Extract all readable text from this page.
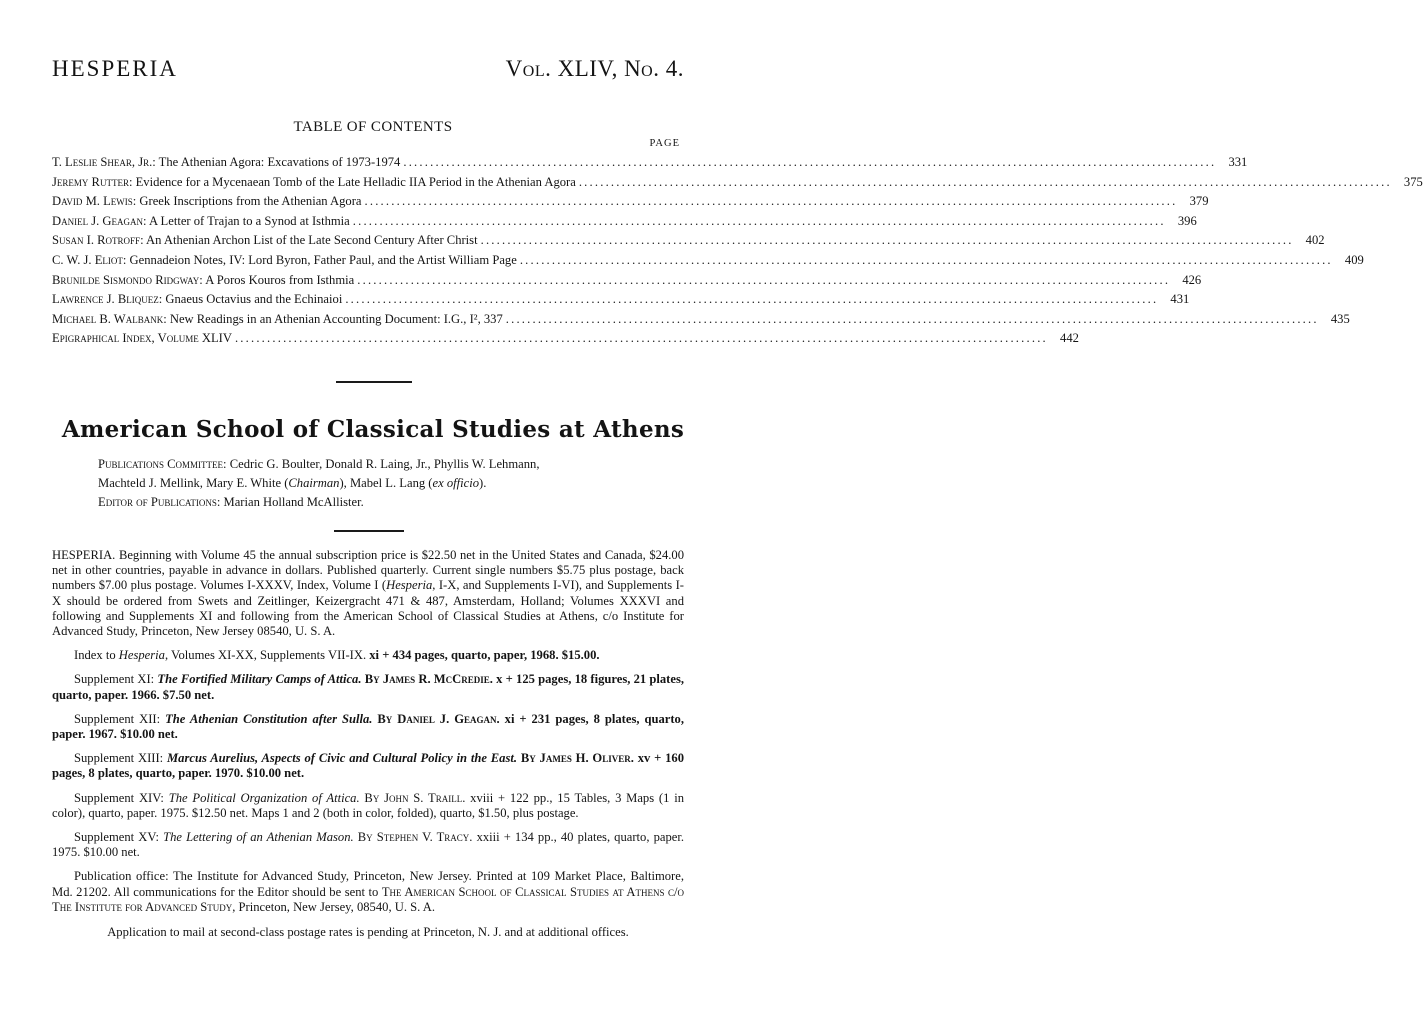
HESPERIA	Vol. XLIV, No. 4.
TABLE OF CONTENTS
PAGE
T. Leslie Shear, Jr.: The Athenian Agora: Excavations of 1973-1974 .....	331
Jeremy Rutter: Evidence for a Mycenaean Tomb of the Late Helladic IIA Period in the Athenian Agora .....	375
David M. Lewis: Greek Inscriptions from the Athenian Agora .....	379
Daniel J. Geagan: A Letter of Trajan to a Synod at Isthmia .....	396
Susan I. Rotroff: An Athenian Archon List of the Late Second Century After Christ .....	402
C. W. J. Eliot: Gennadeion Notes, IV: Lord Byron, Father Paul, and the Artist William Page .....	409
Brunilde Sismondo Ridgway: A Poros Kouros from Isthmia .....	426
Lawrence J. Bliquez: Gnaeus Octavius and the Echinaioi .....	431
Michael B. Walbank: New Readings in an Athenian Accounting Document: I.G., I², 337 .....	435
Epigraphical Index, Volume XLIV .....	442
American School of Classical Studies at Athens
Publications Committee: Cedric G. Boulter, Donald R. Laing, Jr., Phyllis W. Lehmann,
Machteld J. Mellink, Mary E. White (Chairman), Mabel L. Lang (ex officio).
Editor of Publications: Marian Holland McAllister.

HESPERIA. Beginning with Volume 45 the annual subscription price is $22.50 net in the United States and Canada, $24.00 net in other countries, payable in advance in dollars. Published quarterly. Current single numbers $5.75 plus postage, back numbers $7.00 plus postage. Volumes I-XXXV, Index, Volume I (Hesperia, I-X, and Supplements I-VI), and Supplements I-X should be ordered from Swets and Zeitlinger, Keizergracht 471 & 487, Amsterdam, Holland; Volumes XXXVI and following and Supplements XI and following from the American School of Classical Studies at Athens, c/o Institute for Advanced Study, Princeton, New Jersey 08540, U. S. A.

Index to Hesperia, Volumes XI-XX, Supplements VII-IX. xi + 434 pages, quarto, paper, 1968. $15.00.

Supplement XI: The Fortified Military Camps of Attica. By James R. McCredie. x + 125 pages, 18 figures, 21 plates, quarto, paper. 1966. $7.50 net.

Supplement XII: The Athenian Constitution after Sulla. By Daniel J. Geagan. xi + 231 pages, 8 plates, quarto, paper. 1967. $10.00 net.

Supplement XIII: Marcus Aurelius, Aspects of Civic and Cultural Policy in the East. By James H. Oliver. xv + 160 pages, 8 plates, quarto, paper. 1970. $10.00 net.

Supplement XIV: The Political Organization of Attica. By John S. Traill. xviii + 122 pp., 15 Tables, 3 Maps (1 in color), quarto, paper. 1975. $12.50 net. Maps 1 and 2 (both in color, folded), quarto, $1.50, plus postage.

Supplement XV: The Lettering of an Athenian Mason. By Stephen V. Tracy. xxiii + 134 pp., 40 plates, quarto, paper. 1975. $10.00 net.

Publication office: The Institute for Advanced Study, Princeton, New Jersey. Printed at 109 Market Place, Baltimore, Md. 21202. All communications for the Editor should be sent to The American School of Classical Studies at Athens c/o The Institute for Advanced Study, Princeton, New Jersey, 08540, U. S. A.

Application to mail at second-class postage rates is pending at Princeton, N. J. and at additional offices.
